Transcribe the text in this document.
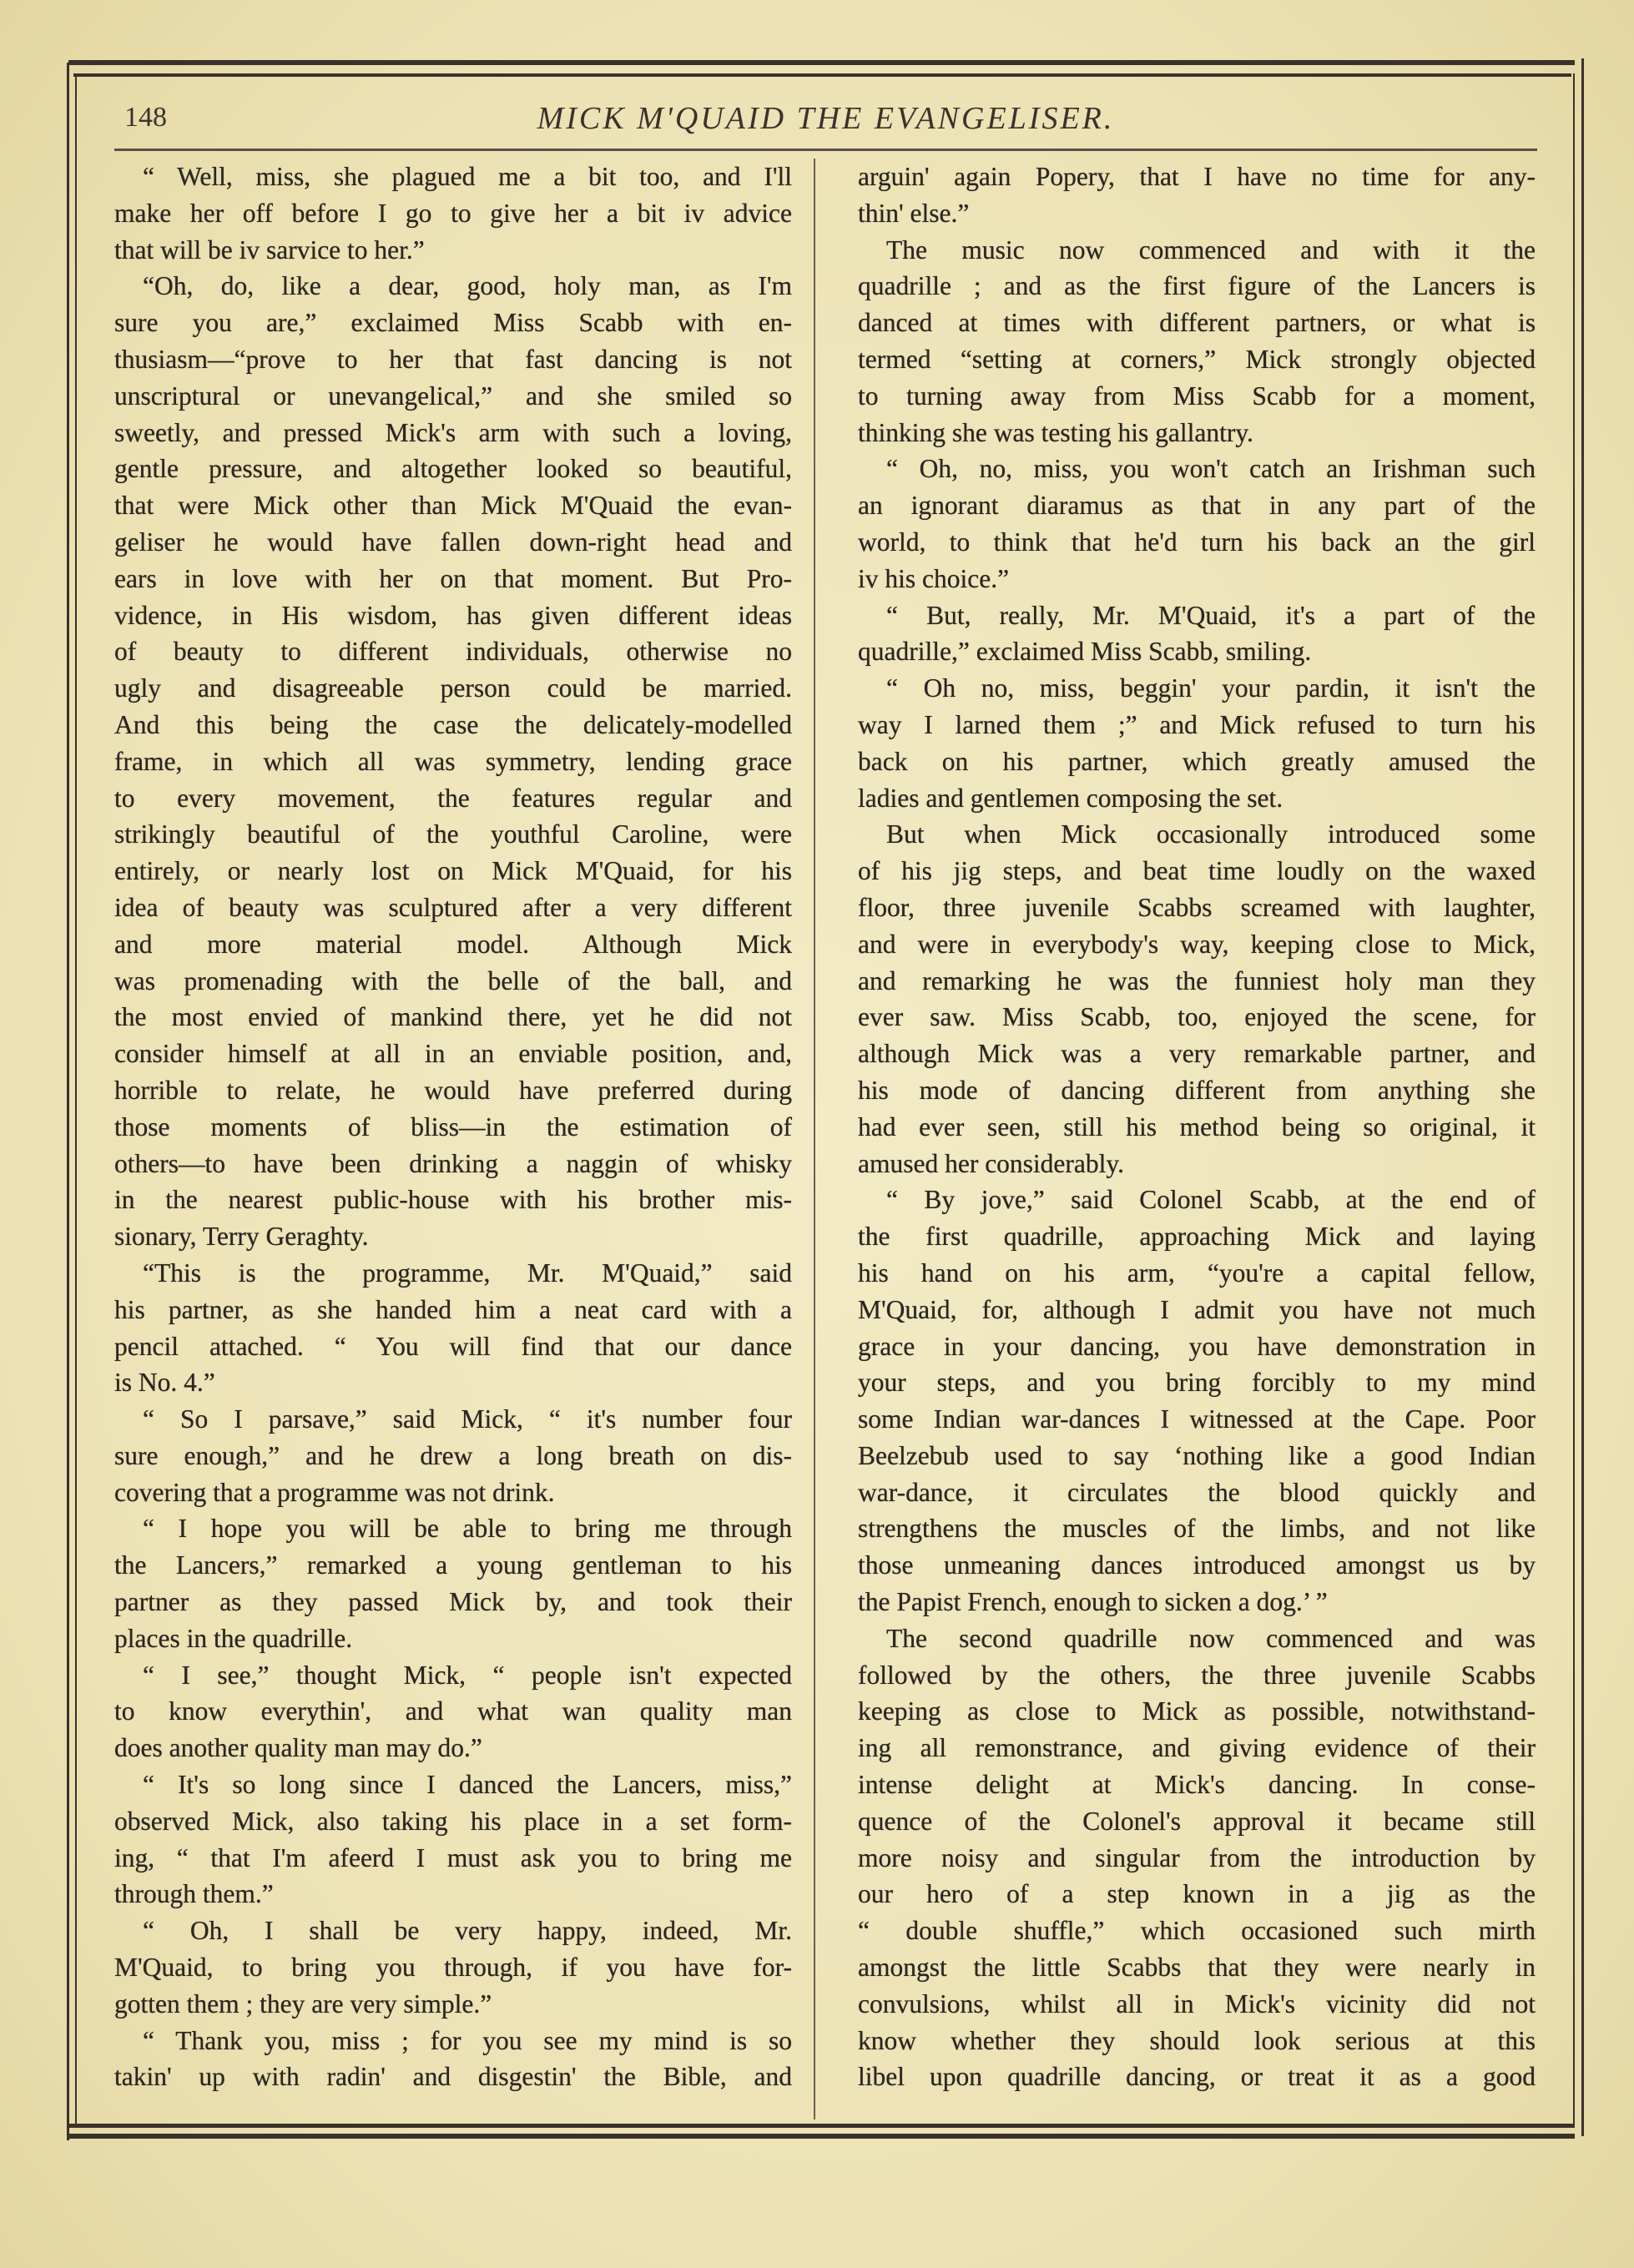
148	MICK M'QUAID THE EVANGELISER.
“ Well, miss, she plagued me a bit too, and I'll
make her off before I go to give her a bit iv advice
that will be iv sarvice to her.”
“Oh, do, like a dear, good, holy man, as I'm
sure you are,” exclaimed Miss Scabb with en-
thusiasm—“prove to her that fast dancing is not
unscriptural or unevangelical,” and she smiled so
sweetly, and pressed Mick's arm with such a loving,
gentle pressure, and altogether looked so beautiful,
that were Mick other than Mick M'Quaid the evan-
geliser he would have fallen down-right head and
ears in love with her on that moment. But Pro-
vidence, in His wisdom, has given different ideas
of beauty to different individuals, otherwise no
ugly and disagreeable person could be married.
And this being the case the delicately-modelled
frame, in which all was symmetry, lending grace
to every movement, the features regular and
strikingly beautiful of the youthful Caroline, were
entirely, or nearly lost on Mick M'Quaid, for his
idea of beauty was sculptured after a very different
and more material model. Although Mick
was promenading with the belle of the ball, and
the most envied of mankind there, yet he did not
consider himself at all in an enviable position, and,
horrible to relate, he would have preferred during
those moments of bliss—in the estimation of
others—to have been drinking a naggin of whisky
in the nearest public-house with his brother mis-
sionary, Terry Geraghty.
“This is the programme, Mr. M'Quaid,” said
his partner, as she handed him a neat card with a
pencil attached. “ You will find that our dance
is No. 4.”
“ So I parsave,” said Mick, “ it's number four
sure enough,” and he drew a long breath on dis-
covering that a programme was not drink.
“ I hope you will be able to bring me through
the Lancers,” remarked a young gentleman to his
partner as they passed Mick by, and took their
places in the quadrille.
“ I see,” thought Mick, “ people isn't expected
to know everythin', and what wan quality man
does another quality man may do.”
“ It's so long since I danced the Lancers, miss,”
observed Mick, also taking his place in a set form-
ing, “ that I'm afeerd I must ask you to bring me
through them.”
“ Oh, I shall be very happy, indeed, Mr.
M'Quaid, to bring you through, if you have for-
gotten them ; they are very simple.”
“ Thank you, miss ; for you see my mind is so
takin' up with radin' and disgestin' the Bible, and
arguin' again Popery, that I have no time for any-
thin' else.”
The music now commenced and with it the
quadrille ; and as the first figure of the Lancers is
danced at times with different partners, or what is
termed “setting at corners,” Mick strongly objected
to turning away from Miss Scabb for a moment,
thinking she was testing his gallantry.
“ Oh, no, miss, you won't catch an Irishman such
an ignorant diaramus as that in any part of the
world, to think that he'd turn his back an the girl
iv his choice.”
“ But, really, Mr. M'Quaid, it's a part of the
quadrille,” exclaimed Miss Scabb, smiling.
“ Oh no, miss, beggin' your pardin, it isn't the
way I larned them ;” and Mick refused to turn his
back on his partner, which greatly amused the
ladies and gentlemen composing the set.
But when Mick occasionally introduced some
of his jig steps, and beat time loudly on the waxed
floor, three juvenile Scabbs screamed with laughter,
and were in everybody's way, keeping close to Mick,
and remarking he was the funniest holy man they
ever saw. Miss Scabb, too, enjoyed the scene, for
although Mick was a very remarkable partner, and
his mode of dancing different from anything she
had ever seen, still his method being so original, it
amused her considerably.
“ By jove,” said Colonel Scabb, at the end of
the first quadrille, approaching Mick and laying
his hand on his arm, “you're a capital fellow,
M'Quaid, for, although I admit you have not much
grace in your dancing, you have demonstration in
your steps, and you bring forcibly to my mind
some Indian war-dances I witnessed at the Cape. Poor
Beelzebub used to say ‘nothing like a good Indian
war-dance, it circulates the blood quickly and
strengthens the muscles of the limbs, and not like
those unmeaning dances introduced amongst us by
the Papist French, enough to sicken a dog.’ ”
The second quadrille now commenced and was
followed by the others, the three juvenile Scabbs
keeping as close to Mick as possible, notwithstand-
ing all remonstrance, and giving evidence of their
intense delight at Mick's dancing. In conse-
quence of the Colonel's approval it became still
more noisy and singular from the introduction by
our hero of a step known in a jig as the
“ double shuffle,” which occasioned such mirth
amongst the little Scabbs that they were nearly in
convulsions, whilst all in Mick's vicinity did not
know whether they should look serious at this
libel upon quadrille dancing, or treat it as a good
